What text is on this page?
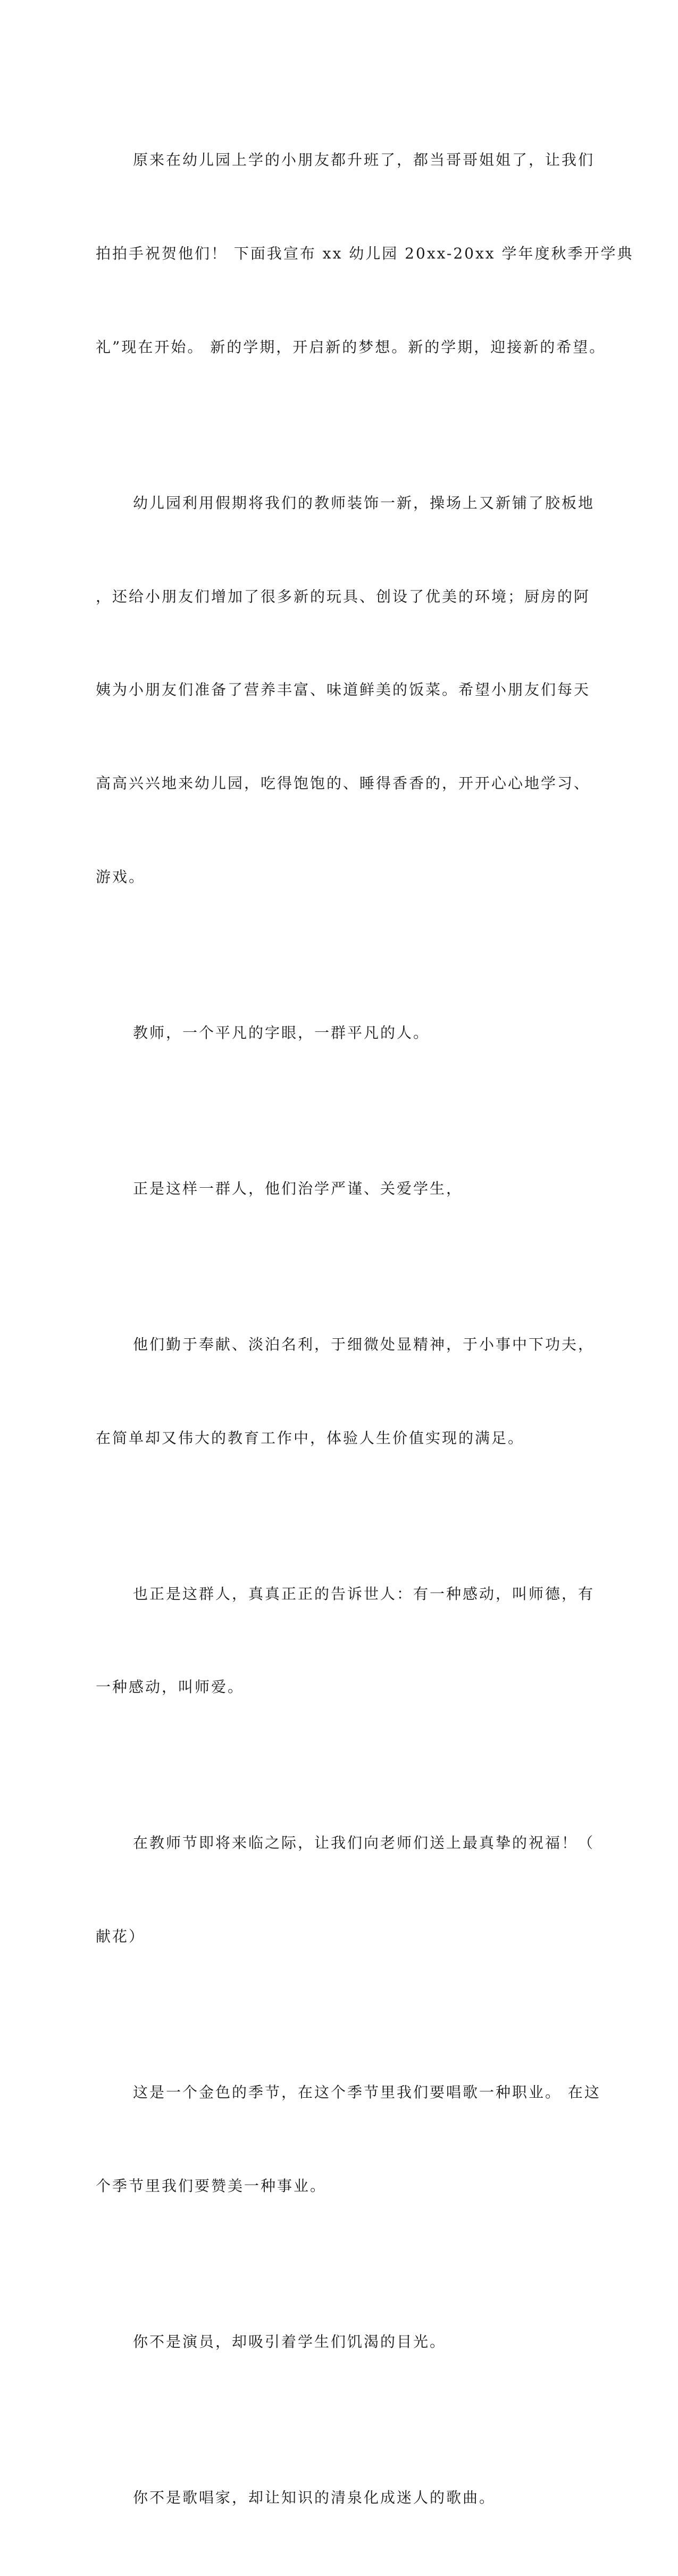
原来在幼儿园上学的小朋友都升班了，都当哥哥姐姐了，让我们

拍拍手祝贺他们！ 下面我宣布 xx 幼儿园 20xx-20xx 学年度秋季开学典

礼”现在开始。 新的学期，开启新的梦想。新的学期，迎接新的希望。

幼儿园利用假期将我们的教师装饰一新，操场上又新铺了胶板地

，还给小朋友们增加了很多新的玩具、创设了优美的环境；厨房的阿

姨为小朋友们准备了营养丰富、味道鲜美的饭菜。希望小朋友们每天

高高兴兴地来幼儿园，吃得饱饱的、睡得香香的，开开心心地学习、

游戏。

教师，一个平凡的字眼，一群平凡的人。

正是这样一群人，他们治学严谨、关爱学生，

他们勤于奉献、淡泊名利，于细微处显精神，于小事中下功夫，

在简单却又伟大的教育工作中，体验人生价值实现的满足。

也正是这群人，真真正正的告诉世人：有一种感动，叫师德，有

一种感动，叫师爱。

在教师节即将来临之际，让我们向老师们送上最真挚的祝福！（

献花）

这是一个金色的季节，在这个季节里我们要唱歌一种职业。 在这

个季节里我们要赞美一种事业。

你不是演员，却吸引着学生们饥渴的目光。

你不是歌唱家，却让知识的清泉化成迷人的歌曲。
